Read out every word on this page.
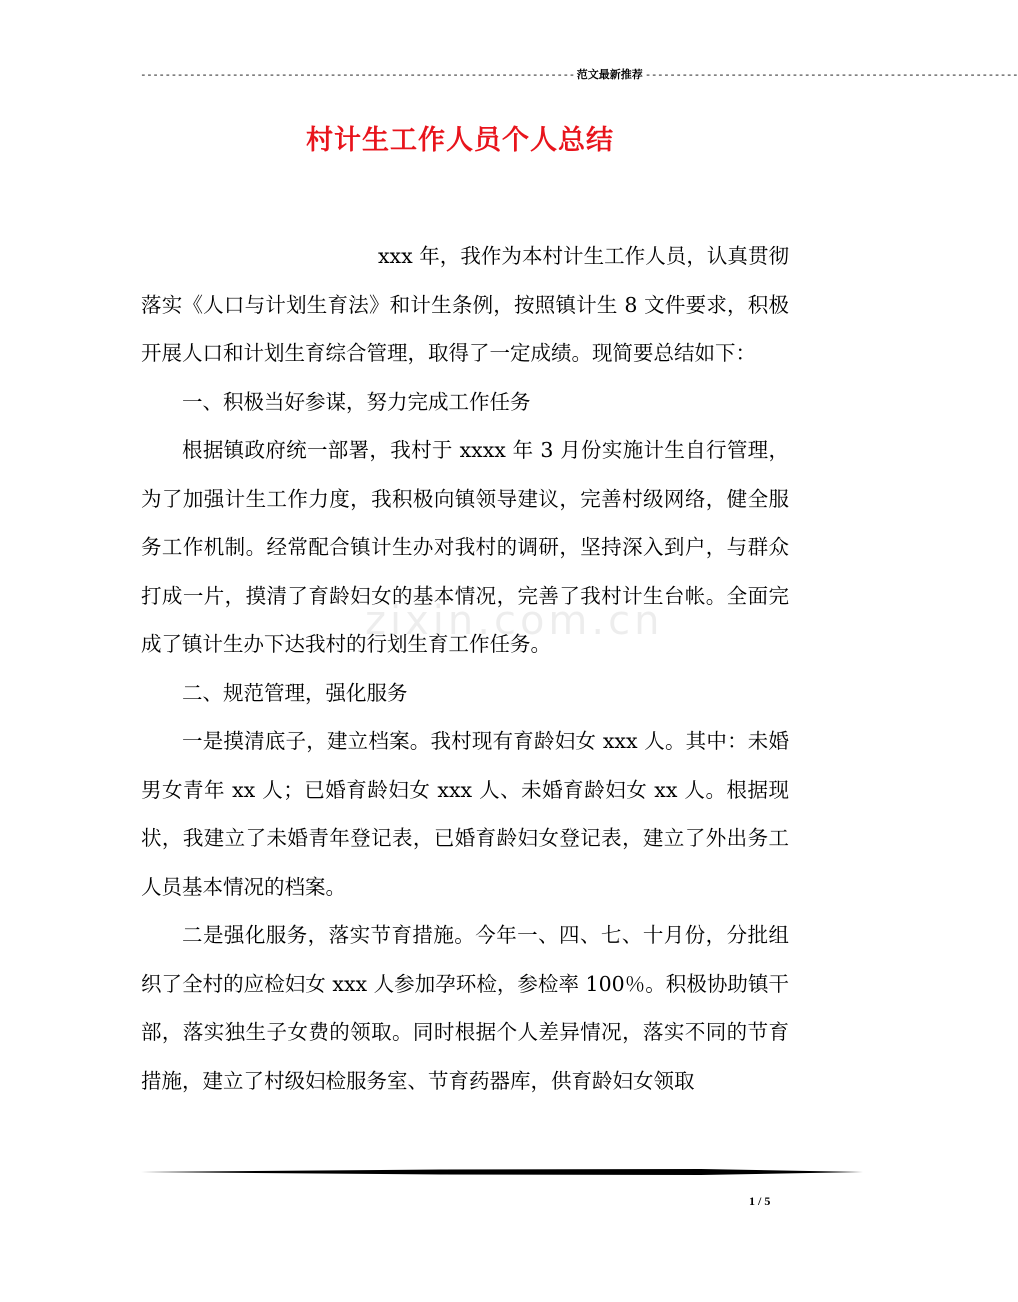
----------------------------------------------------------------------- 范文最新推荐 -------------------------------------------------------------
村计生工作人员个人总结
zixin.com.cn

xxx 年，我作为本村计生工作人员，认真贯彻落实《人口与计划生育法》和计生条例，按照镇计生 8 文件要求，积极开展人口和计划生育综合管理，取得了一定成绩。现简要总结如下：

一、积极当好参谋，努力完成工作任务

根据镇政府统一部署，我村于 xxxx 年 3 月份实施计生自行管理，为了加强计生工作力度，我积极向镇领导建议，完善村级网络，健全服务工作机制。经常配合镇计生办对我村的调研，坚持深入到户，与群众打成一片，摸清了育龄妇女的基本情况，完善了我村计生台帐。全面完成了镇计生办下达我村的行划生育工作任务。

二、规范管理，强化服务

一是摸清底子，建立档案。我村现有育龄妇女 xxx 人。其中：未婚男女青年 xx 人；已婚育龄妇女 xxx 人、未婚育龄妇女 xx 人。根据现状，我建立了未婚青年登记表，已婚育龄妇女登记表，建立了外出务工人员基本情况的档案。

二是强化服务，落实节育措施。今年一、四、七、十月份，分批组织了全村的应检妇女 xxx 人参加孕环检，参检率 100％。积极协助镇干部，落实独生子女费的领取。同时根据个人差异情况，落实不同的节育措施，建立了村级妇检服务室、节育药器库，供育龄妇女领取

1 / 5
